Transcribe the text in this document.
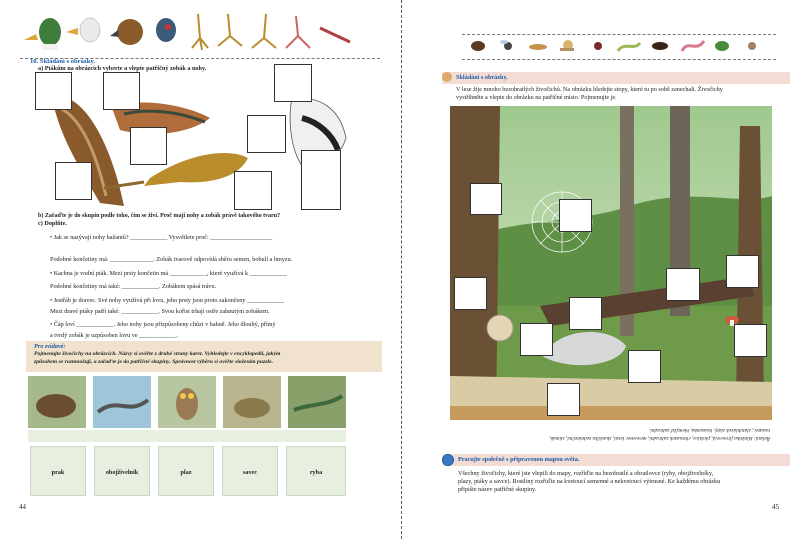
10. Skládání s obrázky.
a) Ptákům na obrázcích vyberte a vlepte patřičný zobák a nohy.
b) Zařaďte je do skupin podle toho, čím se živí. Proč mají nohy a zobák právě takového tvaru?
c) Doplňte.
• Jak se nazývají nohy bažantů? ____________ Vysvětlete proč: ____________________
Podobné končetiny má: ______________. Zobák tvarově odpovídá sběru semen, bobulí a hmyzu.
• Kachna je vodní pták. Mezi prsty končetin má ____________, které využívá k ____________
Podobné končetiny má také: ____________. Zobákem spásá trávu.
• Jestřáb je dravec. Své nohy využívá při lovu, jeho prsty jsou proto zakončeny ____________
Mezi dravé ptáky patří také: ____________. Svou kořist trhají ostře zahnutým zobákem.
• Čáp loví ____________. Jeho nohy jsou přizpůsobeny chůzi v bahně. Jeho dlouhý, přímý
a tvrdý zobák je uzpůsoben lovu ve ____________.
Pro zvídavé:
Pojmenujte živočichy na obrázcích. Názvy si ověřte z druhé strany karet. Vyhledejte v encyklopedii, jakým
způsobem se rozmnožují, a zařaďte je do patřičné skupiny. Správnost výběru si ověřte složením puzzle.
prak	obojživelník	plaz	savec	ryba
44
Skládání s obrázky.
V lese žije mnoho bezobratlých živočichů. Na obrázku hledejte stopy, které tu po sobě zanechali. Živočichy
vystřihněte a vlepte do obrázku na patřičné místo. Pojmenujte je.
Řešení: klíněnka jírovcová, ploštice, chroustek zahradní, mravenec lesní, slunéčko sedmitečné, slimák,
nosatec, zlatohlávek zlatý, housenka, hlemýžď zahradní.
Pracujte společně s připravenou mapou světa.
Všechny živočichy, které jste vlepili do mapy, rozřiďte na bezobratlé a obratlovce (ryby, obojživelníky,
plazy, ptáky a savce). Rostliny rozřiďte na kvetoucí semenné a nekvetoucí výtrusné. Ke každému obrázku
připište název patřičné skupiny.
45
